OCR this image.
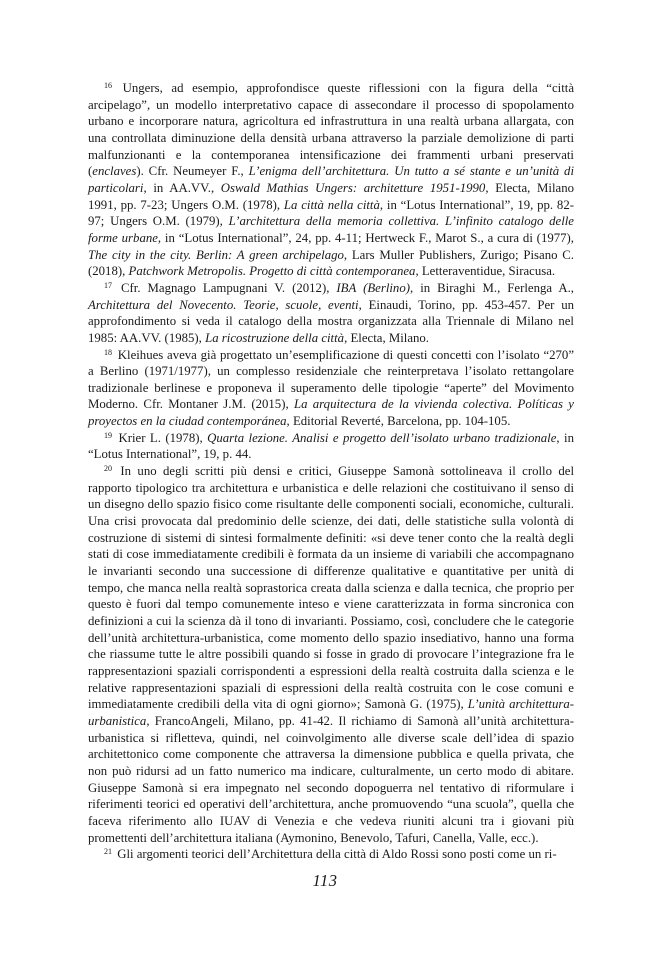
$^{16}$ Ungers, ad esempio, approfondisce queste riflessioni con la figura della “città arcipelago”, un modello interpretativo capace di assecondare il processo di spopolamento urbano e incorporare natura, agricoltura ed infrastruttura in una realtà urbana allargata, con una controllata diminuzione della densità urbana attraverso la parziale demolizione di parti malfunzionanti e la contemporanea intensificazione dei frammenti urbani preservati (enclaves). Cfr. Neumeyer F., L’enigma dell’architettura. Un tutto a sé stante e un’unità di particolari, in AA.VV., Oswald Mathias Ungers: architetture 1951-1990, Electa, Milano 1991, pp. 7-23; Ungers O.M. (1978), La città nella città, in “Lotus International”, 19, pp. 82-97; Ungers O.M. (1979), L’architettura della memoria collettiva. L’infinito catalogo delle forme urbane, in “Lotus International”, 24, pp. 4-11; Hertweck F., Marot S., a cura di (1977), The city in the city. Berlin: A green archipelago, Lars Muller Publishers, Zurigo; Pisano C. (2018), Patchwork Metropolis. Progetto di città contemporanea, Letteraventidue, Siracusa.

$^{17}$ Cfr. Magnago Lampugnani V. (2012), IBA (Berlino), in Biraghi M., Ferlenga A., Architettura del Novecento. Teorie, scuole, eventi, Einaudi, Torino, pp. 453-457. Per un approfondimento si veda il catalogo della mostra organizzata alla Triennale di Milano nel 1985: AA.VV. (1985), La ricostruzione della città, Electa, Milano.

$^{18}$ Kleihues aveva già progettato un’esemplificazione di questi concetti con l’isolato “270” a Berlino (1971/1977), un complesso residenziale che reinterpretava l’isolato rettangolare tradizionale berlinese e proponeva il superamento delle tipologie “aperte” del Movimento Moderno. Cfr. Montaner J.M. (2015), La arquitectura de la vivienda colectiva. Políticas y proyectos en la ciudad contemporánea, Editorial Reverté, Barcelona, pp. 104-105.

$^{19}$ Krier L. (1978), Quarta lezione. Analisi e progetto dell’isolato urbano tradizionale, in “Lotus International”, 19, p. 44.

$^{20}$ In uno degli scritti più densi e critici, Giuseppe Samonà sottolineava il crollo del rapporto tipologico tra architettura e urbanistica e delle relazioni che costituivano il senso di un disegno dello spazio fisico come risultante delle componenti sociali, economiche, culturali. Una crisi provocata dal predominio delle scienze, dei dati, delle statistiche sulla volontà di costruzione di sistemi di sintesi formalmente definiti: «si deve tener conto che la realtà degli stati di cose immediatamente credibili è formata da un insieme di variabili che accompagnano le invarianti secondo una successione di differenze qualitative e quantitative per unità di tempo, che manca nella realtà soprastorica creata dalla scienza e dalla tecnica, che proprio per questo è fuori dal tempo comunemente inteso e viene caratterizzata in forma sincronica con definizioni a cui la scienza dà il tono di invarianti. Possiamo, così, concludere che le categorie dell’unità architettura-urbanistica, come momento dello spazio insediativo, hanno una forma che riassume tutte le altre possibili quando si fosse in grado di provocare l’integrazione fra le rappresentazioni spaziali corrispondenti a espressioni della realtà costruita dalla scienza e le relative rappresentazioni spaziali di espressioni della realtà costruita con le cose comuni e immediatamente credibili della vita di ogni giorno»; Samonà G. (1975), L’unità architettura-urbanistica, FrancoAngeli, Milano, pp. 41-42. Il richiamo di Samonà all’unità architettura-urbanistica si rifletteva, quindi, nel coinvolgimento alle diverse scale dell’idea di spazio architettonico come componente che attraversa la dimensione pubblica e quella privata, che non può ridursi ad un fatto numerico ma indicare, culturalmente, un certo modo di abitare. Giuseppe Samonà si era impegnato nel secondo dopoguerra nel tentativo di riformulare i riferimenti teorici ed operativi dell’architettura, anche promuovendo “una scuola”, quella che faceva riferimento allo IUAV di Venezia e che vedeva riuniti alcuni tra i giovani più promettenti dell’architettura italiana (Aymonino, Benevolo, Tafuri, Canella, Valle, ecc.).

$^{21}$ Gli argomenti teorici dell’Architettura della città di Aldo Rossi sono posti come un ri-

113
